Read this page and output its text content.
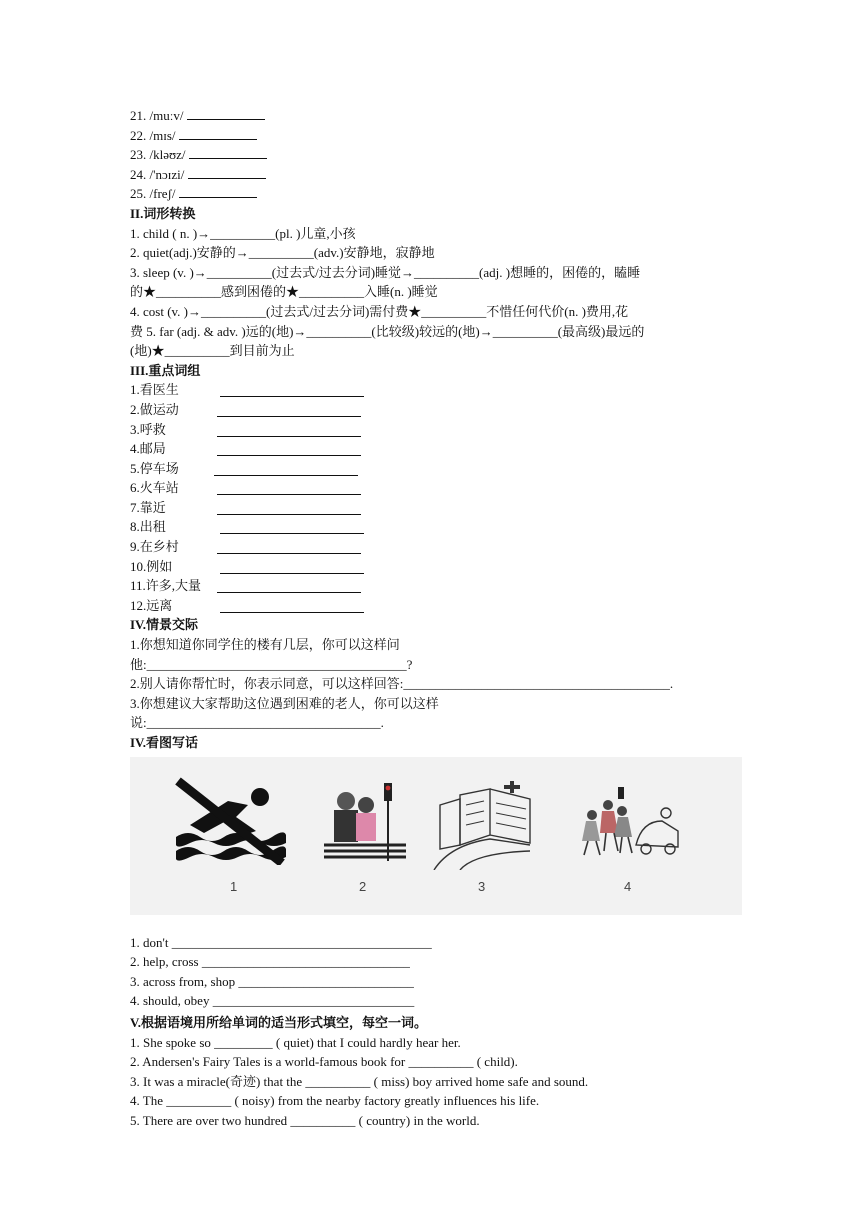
21. /muːv/
22. /mɪs/
23. /kləʊz/
24. /'nɔɪzi/
25. /freʃ/
II.词形转换
1. child ( n. )→__________(pl. )儿童,小孩
2. quiet(adj.)安静的→__________(adv.)安静地，寂静地
3. sleep (v. )→__________(过去式/过去分词)睡觉→__________(adj. )想睡的，困倦的，瞌睡
的★__________感到困倦的★__________入睡(n. )睡觉
4. cost (v. )→__________(过去式/过去分词)需付费★__________不惜任何代价(n. )费用,花
费 5. far (adj. & adv. )远的(地)→__________(比较级)较远的(地)→__________(最高级)最远的
(地)★__________到目前为止
III.重点词组
1.看医生
2.做运动
3.呼救
4.邮局
5.停车场
6.火车站
7.靠近
8.出租
9.在乡村
10.例如
11.许多,大量
12.远离
IV.情景交际
1.你想知道你同学住的楼有几层，你可以这样问
他:________________________________________?
2.别人请你帮忙时，你表示同意，可以这样回答:_________________________________________.
3.你想建议大家帮助这位遇到困难的老人，你可以这样
说:____________________________________.
IV.看图写话
1	2	3	4
1. don't ________________________________________
2. help, cross ________________________________
3. across from, shop ___________________________
4. should, obey _______________________________
V.根据语境用所给单词的适当形式填空，每空一词。
1. She spoke so _________ ( quiet) that I could hardly hear her.
2. Andersen's Fairy Tales is a world-famous book for __________ ( child).
3. It was a miracle(奇迹) that the __________ ( miss) boy arrived home safe and sound.
4. The __________ ( noisy) from the nearby factory greatly influences his life.
5. There are over two hundred __________ ( country) in the world.
